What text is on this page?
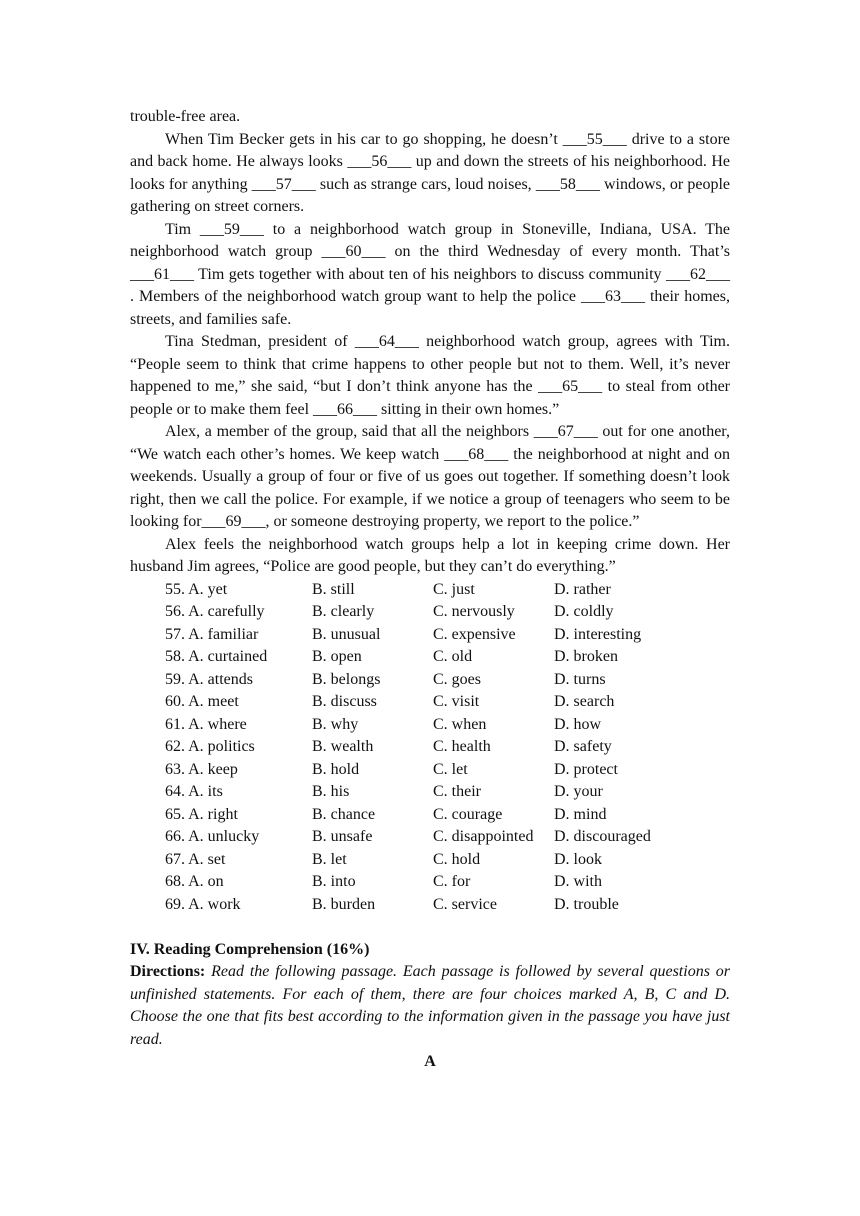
trouble-free area.

When Tim Becker gets in his car to go shopping, he doesn’t ___55___ drive to a store and back home. He always looks ___56___ up and down the streets of his neighborhood. He looks for anything ___57___ such as strange cars, loud noises, ___58___ windows, or people gathering on street corners.

Tim ___59___ to a neighborhood watch group in Stoneville, Indiana, USA. The neighborhood watch group ___60___ on the third Wednesday of every month. That’s ___61___ Tim gets together with about ten of his neighbors to discuss community ___62___ . Members of the neighborhood watch group want to help the police ___63___ their homes, streets, and families safe.

Tina Stedman, president of ___64___ neighborhood watch group, agrees with Tim. “People seem to think that crime happens to other people but not to them. Well, it’s never happened to me,” she said, “but I don’t think anyone has the ___65___ to steal from other people or to make them feel ___66___ sitting in their own homes.”

Alex, a member of the group, said that all the neighbors ___67___ out for one another, “We watch each other’s homes. We keep watch ___68___ the neighborhood at night and on weekends. Usually a group of four or five of us goes out together. If something doesn’t look right, then we call the police. For example, if we notice a group of teenagers who seem to be looking for___69___, or someone destroying property, we report to the police.”

Alex feels the neighborhood watch groups help a lot in keeping crime down. Her husband Jim agrees, “Police are good people, but they can’t do everything.”

55. A. yet	B. still	C. just	D. rather
56. A. carefully	B. clearly	C. nervously	D. coldly
57. A. familiar	B. unusual	C. expensive	D. interesting
58. A. curtained	B. open	C. old	D. broken
59. A. attends	B. belongs	C. goes	D. turns
60. A. meet	B. discuss	C. visit	D. search
61. A. where	B. why	C. when	D. how
62. A. politics	B. wealth	C. health	D. safety
63. A. keep	B. hold	C. let	D. protect
64. A. its	B. his	C. their	D. your
65. A. right	B. chance	C. courage	D. mind
66. A. unlucky	B. unsafe	C. disappointed	D. discouraged
67. A. set	B. let	C. hold	D. look
68. A. on	B. into	C. for	D. with
69. A. work	B. burden	C. service	D. trouble

IV. Reading Comprehension (16%)

Directions: Read the following passage. Each passage is followed by several questions or unfinished statements. For each of them, there are four choices marked A, B, C and D. Choose the one that fits best according to the information given in the passage you have just read.

A
